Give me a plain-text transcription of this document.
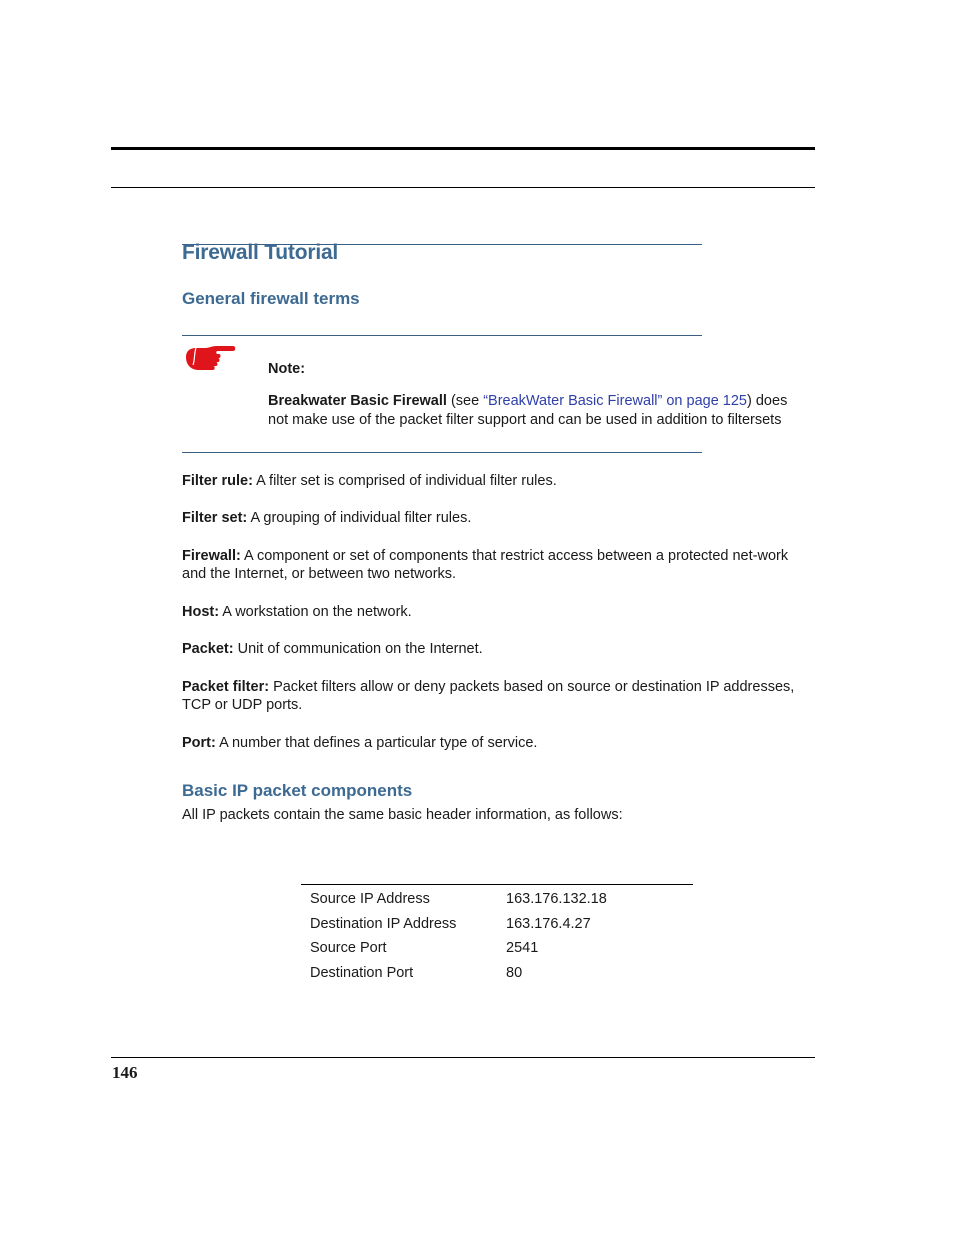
Firewall Tutorial
General firewall terms
Note:
Breakwater Basic Firewall (see “BreakWater Basic Firewall” on page 125) does not make use of the packet filter support and can be used in addition to filtersets
Filter rule: A filter set is comprised of individual filter rules.
Filter set: A grouping of individual filter rules.
Firewall: A component or set of components that restrict access between a protected net-work and the Internet, or between two networks.
Host: A workstation on the network.
Packet: Unit of communication on the Internet.
Packet filter: Packet filters allow or deny packets based on source or destination IP addresses, TCP or UDP ports.
Port: A number that defines a particular type of service.
Basic IP packet components
All IP packets contain the same basic header information, as follows:
Source IP Address	163.176.132.18
Destination IP Address	163.176.4.27
Source Port	2541
Destination Port	80
146
